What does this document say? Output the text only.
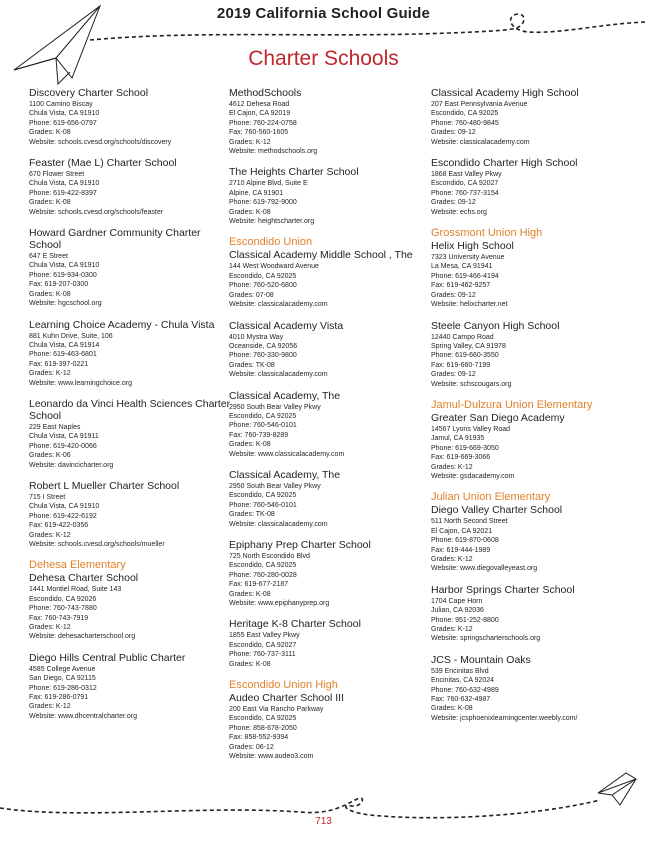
2019 California School Guide
Charter Schools
Discovery Charter School
1100 Camino Biscay
Chula Vista, CA 91910
Phone: 619-656-0797
Grades: K-08
Website: schools.cvesd.org/schools/discovery
Feaster (Mae L) Charter School
670 Flower Street
Chula Vista, CA 91910
Phone: 619-422-8397
Grades: K-08
Website: schools.cvesd.org/schools/feaster
Howard Gardner Community Charter School
647 E Street
Chula Vista, CA 91910
Phone: 619-934-0300
Fax: 619-207-0300
Grades: K-08
Website: hgcschool.org
Learning Choice Academy - Chula Vista
881 Kuhn Drive, Suite, 106
Chula Vista, CA 91914
Phone: 619-463-6801
Fax: 619-397-0221
Grades: K-12
Website: www.learningchoice.org
Leonardo da Vinci Health Sciences Charter School
229 East Naples
Chula Vista, CA 91911
Phone: 619-420-0066
Grades: K-06
Website: davincicharter.org
Robert L Mueller Charter School
715 I Street
Chula Vista, CA 91910
Phone: 619-422-6192
Fax: 619-422-0356
Grades: K-12
Website: schools.cvesd.org/schools/mueller
Dehesa Elementary
Dehesa Charter School
1441 Montiel Road, Suite 143
Escondido, CA 92026
Phone: 760-743-7880
Fax: 760-743-7919
Grades: K-12
Website: dehesacharterschool.org
Diego Hills Central Public Charter
4585 College Avenue
San Diego, CA 92115
Phone: 619-286-0312
Fax: 619-286-0791
Grades: K-12
Website: www.dhcentralcharter.org
MethodSchools
4612 Dehesa Road
El Cajon, CA 92019
Phone: 760-224-0758
Fax: 760-560-1605
Grades: K-12
Website: methodschools.org
The Heights Charter School
2710 Alpine Blvd, Suite E
Alpine, CA 91901
Phone: 619-792-9000
Grades: K-08
Website: heightscharter.org
Escondido Union
Classical Academy Middle School , The
144 West Woodward Avenue
Escondido, CA 92025
Phone: 760-520-6800
Grades: 07-08
Website: classicalacademy.com
Classical Academy Vista
4010 Mystra Way
Oceanside, CA 92056
Phone: 760-330-9800
Grades: TK-08
Website: classicalacademy.com
Classical Academy, The
2950 South Bear Valley Pkwy
Escondido, CA 92025
Phone: 760-546-0101
Fax: 760-739-8289
Grades: K-08
Website: www.classicalacademy.com
Classical Academy, The
2950 South Bear Valley Pkwy
Escondido, CA 92025
Phone: 760-546-0101
Grades: TK-08
Website: classicalacademy.com
Epiphany Prep Charter School
725 North Escondido Blvd
Escondido, CA 92025
Phone: 760-280-0028
Fax: 619-677-2187
Grades: K-08
Website: www.epiphanyprep.org
Heritage K-8 Charter School
1855 East Valley Pkwy
Escondido, CA 92027
Phone: 760-737-3111
Grades: K-08
Escondido Union High
Audeo Charter School III
200 East Via Rancho Parkway
Escondido, CA 92025
Phone: 858-678-2050
Fax: 858-552-9394
Grades: 06-12
Website: www.audeo3.com
Classical Academy High School
207 East Pennsylvania Avenue
Escondido, CA 92025
Phone: 760-480-9845
Grades: 09-12
Website: classicalacademy.com
Escondido Charter High School
1868 East Valley Pkwy
Escondido, CA 92027
Phone: 760-737-3154
Grades: 09-12
Website: echs.org
Grossmont Union High
Helix High School
7323 University Avenue
La Mesa, CA 91941
Phone: 619-466-4194
Fax: 619-462-9257
Grades: 09-12
Website: helixcharter.net
Steele Canyon High School
12440 Campo Road
Spring Valley, CA 91978
Phone: 619-660-3550
Fax: 619-660-7199
Grades: 09-12
Website: schscougars.org
Jamul-Dulzura Union Elementary
Greater San Diego Academy
14567 Lyons Valley Road
Jamul, CA 91935
Phone: 619-669-3050
Fax: 619-669-3066
Grades: K-12
Website: gsdacademy.com
Julian Union Elementary
Diego Valley Charter School
511 North Second Street
El Cajon, CA 92021
Phone: 619-870-0608
Fax: 619-444-1989
Grades: K-12
Website: www.diegovalleyeast.org
Harbor Springs Charter School
1704 Cape Horn
Julian, CA 92036
Phone: 951-252-8800
Grades: K-12
Website: springscharterschools.org
JCS - Mountain Oaks
539 Encinitas Blvd
Encinitas, CA 92024
Phone: 760-632-4989
Fax: 760-632-4987
Grades: K-08
Website: jcsphoenixlearningcenter.weebly.com/
713
